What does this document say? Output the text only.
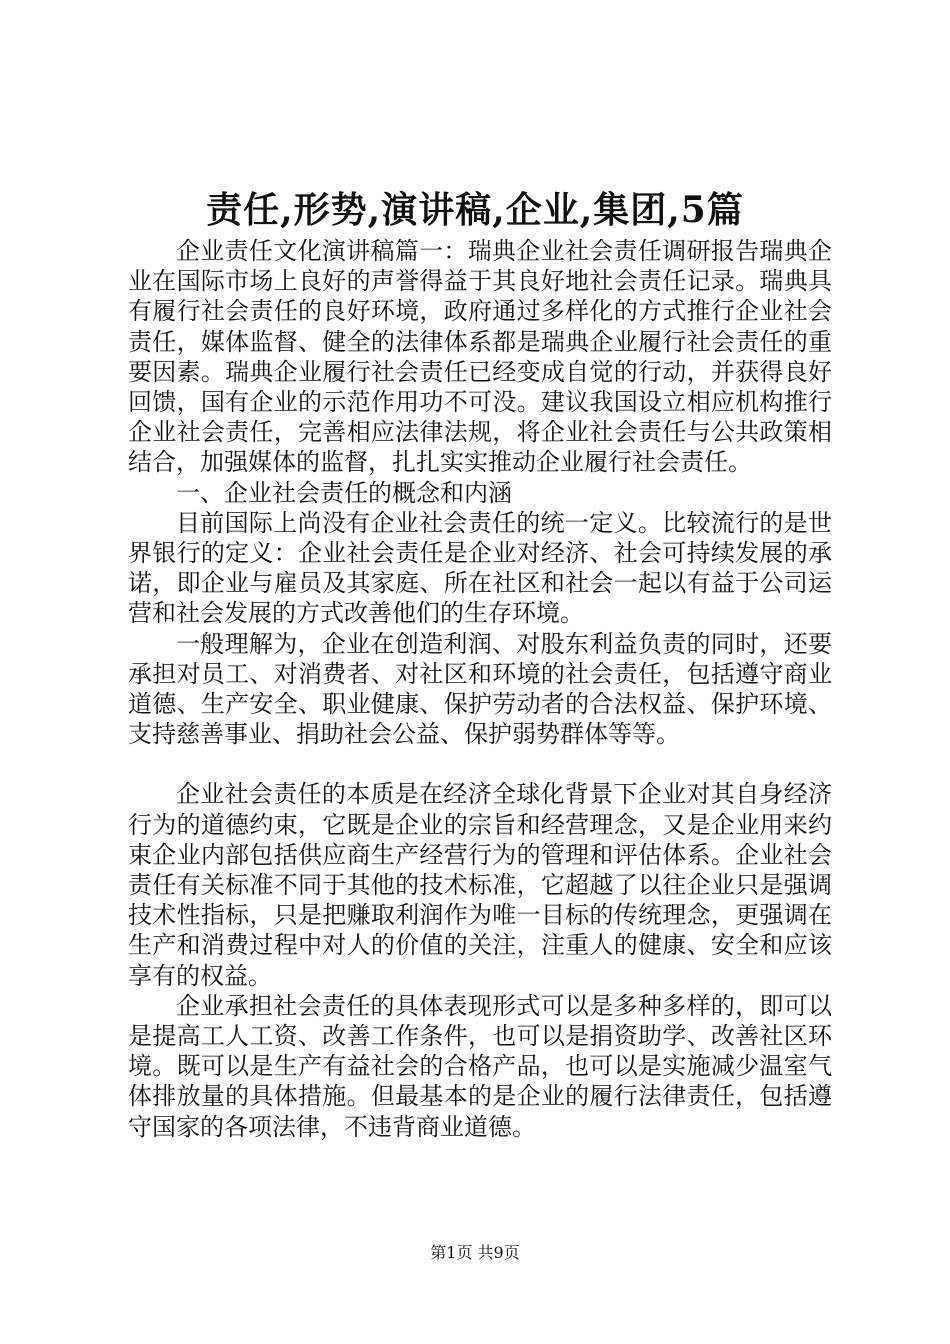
责任,形势,演讲稿,企业,集团,5篇

企业责任文化演讲稿篇一：瑞典企业社会责任调研报告瑞典企业在国际市场上良好的声誉得益于其良好地社会责任记录。瑞典具有履行社会责任的良好环境，政府通过多样化的方式推行企业社会责任，媒体监督、健全的法律体系都是瑞典企业履行社会责任的重要因素。瑞典企业履行社会责任已经变成自觉的行动，并获得良好回馈，国有企业的示范作用功不可没。建议我国设立相应机构推行企业社会责任，完善相应法律法规，将企业社会责任与公共政策相结合，加强媒体的监督，扎扎实实推动企业履行社会责任。

一、企业社会责任的概念和内涵

目前国际上尚没有企业社会责任的统一定义。比较流行的是世界银行的定义：企业社会责任是企业对经济、社会可持续发展的承诺，即企业与雇员及其家庭、所在社区和社会一起以有益于公司运营和社会发展的方式改善他们的生存环境。

一般理解为，企业在创造利润、对股东利益负责的同时，还要承担对员工、对消费者、对社区和环境的社会责任，包括遵守商业道德、生产安全、职业健康、保护劳动者的合法权益、保护环境、支持慈善事业、捐助社会公益、保护弱势群体等等。

企业社会责任的本质是在经济全球化背景下企业对其自身经济行为的道德约束，它既是企业的宗旨和经营理念，又是企业用来约束企业内部包括供应商生产经营行为的管理和评估体系。企业社会责任有关标准不同于其他的技术标准，它超越了以往企业只是强调技术性指标，只是把赚取利润作为唯一目标的传统理念，更强调在生产和消费过程中对人的价值的关注，注重人的健康、安全和应该享有的权益。

企业承担社会责任的具体表现形式可以是多种多样的，即可以是提高工人工资、改善工作条件，也可以是捐资助学、改善社区环境。既可以是生产有益社会的合格产品，也可以是实施减少温室气体排放量的具体措施。但最基本的是企业的履行法律责任，包括遵守国家的各项法律，不违背商业道德。

第1页 共9页
